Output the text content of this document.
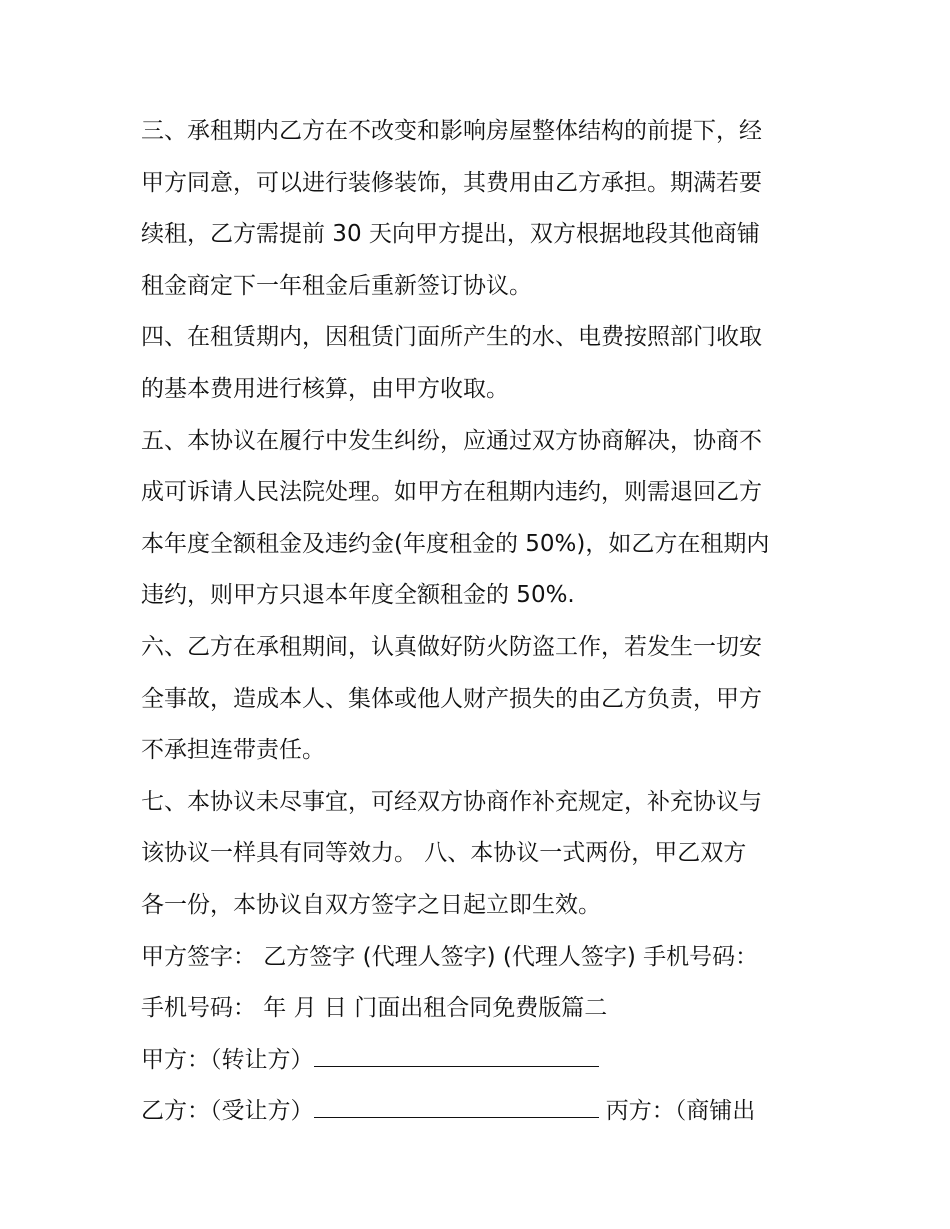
三、承租期内乙方在不改变和影响房屋整体结构的前提下，经
甲方同意，可以进行装修装饰，其费用由乙方承担。期满若要
续租，乙方需提前 30 天向甲方提出，双方根据地段其他商铺
租金商定下一年租金后重新签订协议。
四、在租赁期内，因租赁门面所产生的水、电费按照部门收取
的基本费用进行核算，由甲方收取。
五、本协议在履行中发生纠纷，应通过双方协商解决，协商不
成可诉请人民法院处理。如甲方在租期内违约，则需退回乙方
本年度全额租金及违约金(年度租金的 50%)，如乙方在租期内
违约，则甲方只退本年度全额租金的 50%.
六、乙方在承租期间，认真做好防火防盗工作，若发生一切安
全事故，造成本人、集体或他人财产损失的由乙方负责，甲方
不承担连带责任。
七、本协议未尽事宜，可经双方协商作补充规定，补充协议与
该协议一样具有同等效力。 八、本协议一式两份，甲乙双方
各一份，本协议自双方签字之日起立即生效。
甲方签字： 乙方签字 (代理人签字) (代理人签字) 手机号码：
手机号码： 年 月 日 门面出租合同免费版篇二
甲方：（转让方）
乙方：（受让方）	丙方：（商铺出
